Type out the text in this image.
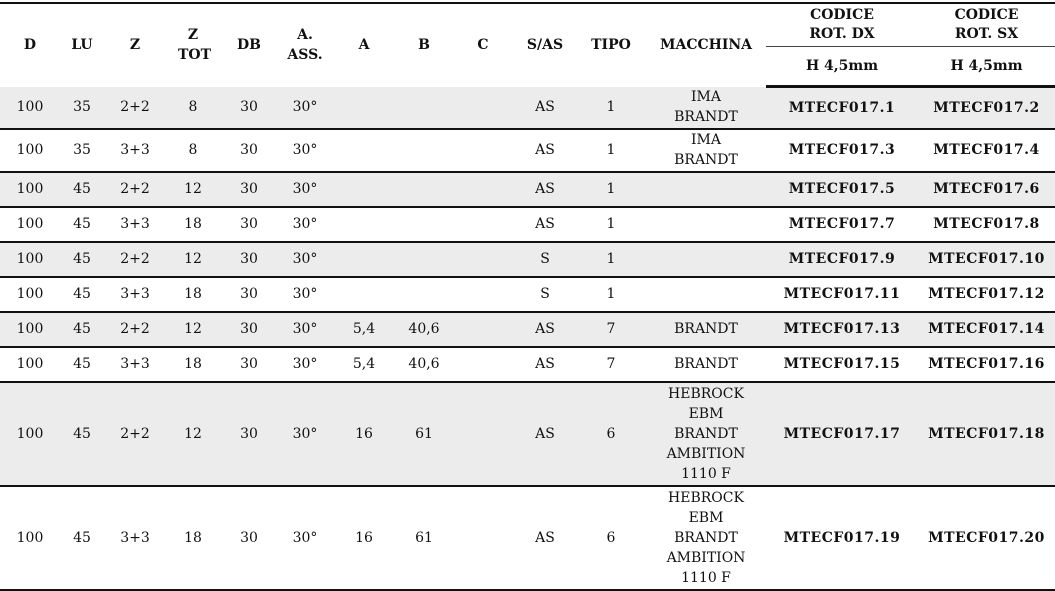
D	LU	Z	Z TOT	DB	A. ASS.	A	B	C	S/AS	TIPO	MACCHINA	CODICE ROT. DX	CODICE ROT. SX
												H 4,5mm	H 4,5mm
100	35	2+2	8	30	30°				AS	1	IMA
BRANDT	MTECF017.1	MTECF017.2
100	35	3+3	8	30	30°				AS	1	IMA
BRANDT	MTECF017.3	MTECF017.4
100	45	2+2	12	30	30°				AS	1		MTECF017.5	MTECF017.6
100	45	3+3	18	30	30°				AS	1		MTECF017.7	MTECF017.8
100	45	2+2	12	30	30°				S	1		MTECF017.9	MTECF017.10
100	45	3+3	18	30	30°				S	1		MTECF017.11	MTECF017.12
100	45	2+2	12	30	30°	5,4	40,6		AS	7	BRANDT	MTECF017.13	MTECF017.14
100	45	3+3	18	30	30°	5,4	40,6		AS	7	BRANDT	MTECF017.15	MTECF017.16
100	45	2+2	12	30	30°	16	61		AS	6	HEBROCK
EBM
BRANDT
AMBITION
1110 F	MTECF017.17	MTECF017.18
100	45	3+3	18	30	30°	16	61		AS	6	HEBROCK
EBM
BRANDT
AMBITION
1110 F	MTECF017.19	MTECF017.20
